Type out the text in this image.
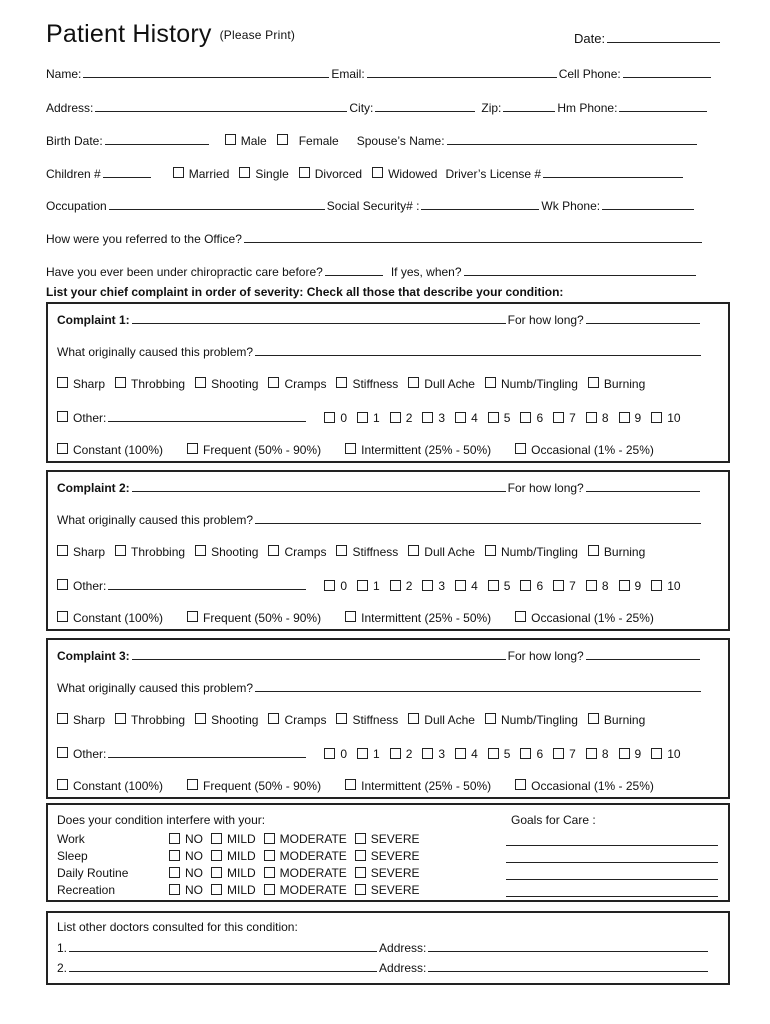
Patient History $^{(Please Print)}$	Date:
Name:	Email:	Cell Phone:
Address:	City:	Zip:	Hm Phone:
Birth Date:	Male	Female Spouse’s Name:
Children #	Married Single Divorced Widowed Driver’s License #
Occupation	Social Security# :	Wk Phone:
How were you referred to the Office?
Have you ever been under chiropractic care before?	If yes, when?
List your chief complaint in order of severity: Check all those that describe your condition:
Complaint 1:	For how long?
What originally caused this problem?
Sharp Throbbing Shooting Cramps Stiffness Dull Ache Numb/Tingling Burning
Other:	0 1 2 3 4 5 6 7 8 9 10
Constant (100%)	Frequent (50% - 90%)	Intermittent (25% - 50%)	Occasional (1% - 25%)
Complaint 2:	For how long?
What originally caused this problem?
Sharp Throbbing Shooting Cramps Stiffness Dull Ache Numb/Tingling Burning
Other:	0 1 2 3 4 5 6 7 8 9 10
Constant (100%)	Frequent (50% - 90%)	Intermittent (25% - 50%)	Occasional (1% - 25%)
Complaint 3:	For how long?
What originally caused this problem?
Sharp Throbbing Shooting Cramps Stiffness Dull Ache Numb/Tingling Burning
Other:	0 1 2 3 4 5 6 7 8 9 10
Constant (100%)	Frequent (50% - 90%)	Intermittent (25% - 50%)	Occasional (1% - 25%)
Does your condition interfere with your:	Goals for Care :
Work	NO	MILD	MODERATE	SEVERE
Sleep	NO	MILD	MODERATE	SEVERE
Daily Routine	NO	MILD	MODERATE	SEVERE
Recreation	NO	MILD	MODERATE	SEVERE
List other doctors consulted for this condition:
1.	Address:
2.	Address:
